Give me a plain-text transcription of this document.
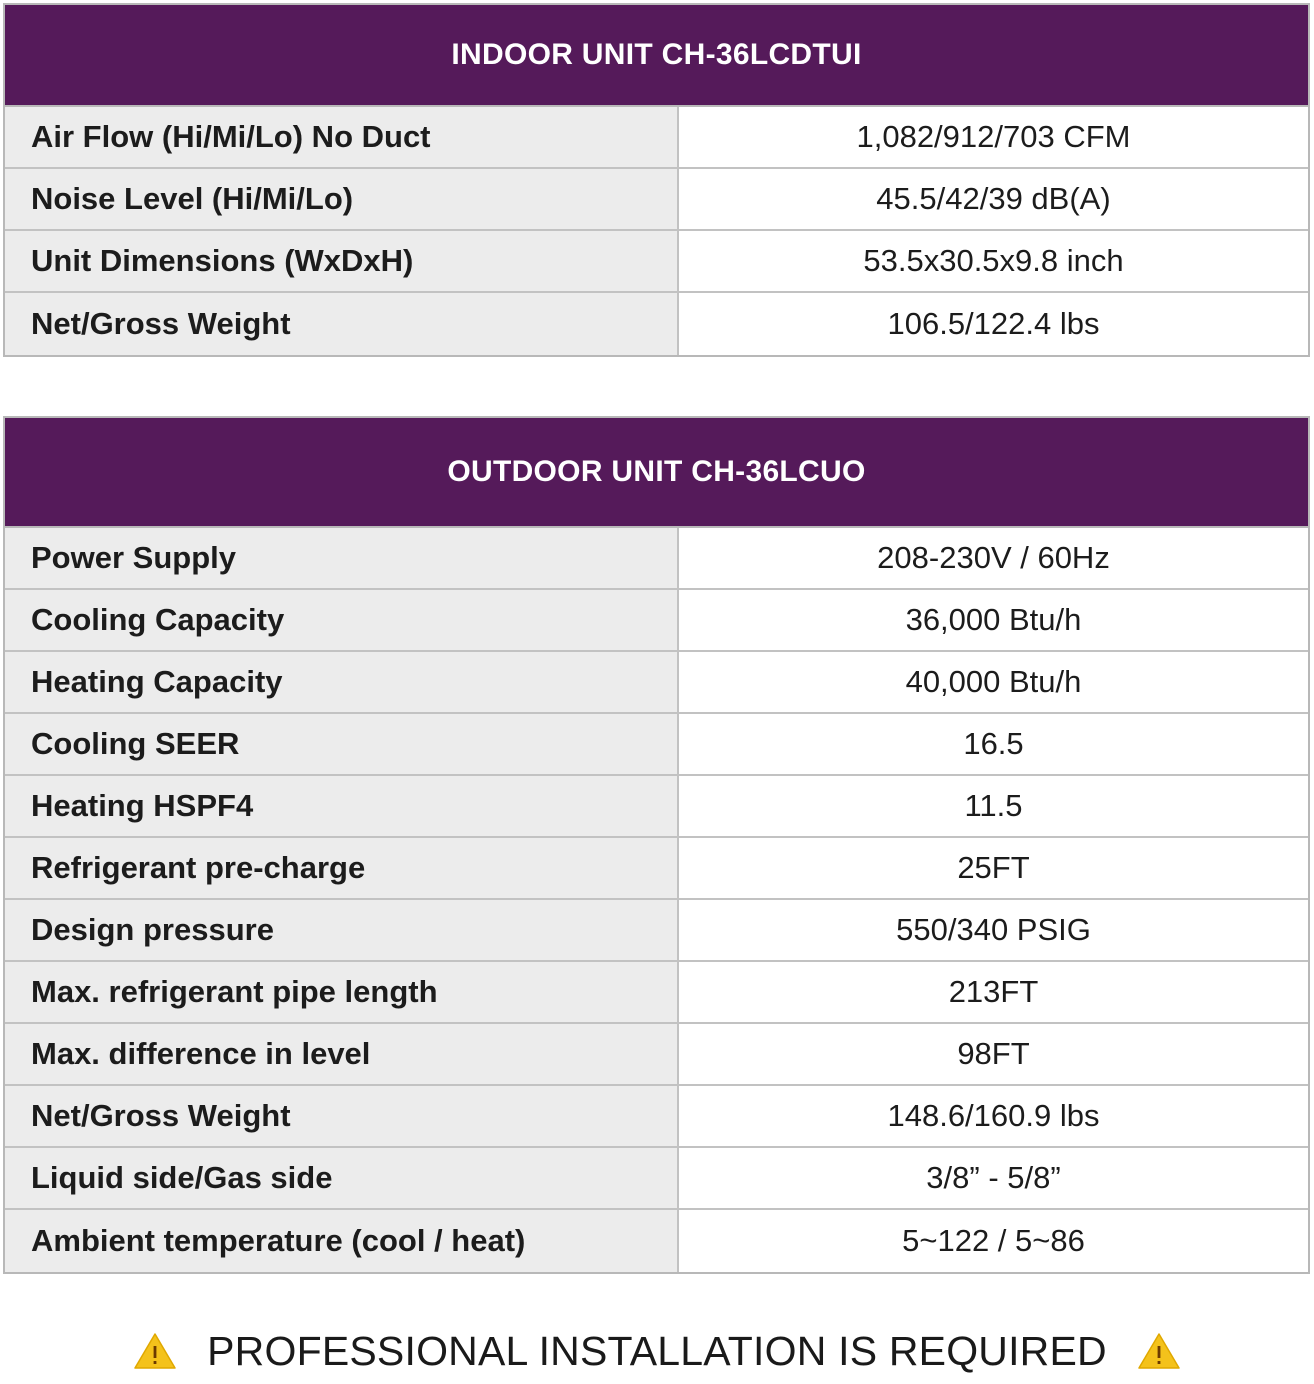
INDOOR UNIT CH-36LCDTUI
Air Flow (Hi/Mi/Lo) No Duct	1,082/912/703 CFM
Noise Level (Hi/Mi/Lo)	45.5/42/39 dB(A)
Unit Dimensions (WxDxH)	53.5x30.5x9.8 inch
Net/Gross Weight	106.5/122.4 lbs
OUTDOOR UNIT CH-36LCUO
Power Supply	208-230V / 60Hz
Cooling Capacity	36,000 Btu/h
Heating Capacity	40,000 Btu/h
Cooling SEER	16.5
Heating HSPF4	11.5
Refrigerant pre-charge	25FT
Design pressure	550/340 PSIG
Max. refrigerant pipe length	213FT
Max. difference in level	98FT
Net/Gross Weight	148.6/160.9 lbs
Liquid side/Gas side	3/8” - 5/8”
Ambient temperature (cool / heat)	5~122 / 5~86
PROFESSIONAL INSTALLATION IS REQUIRED
